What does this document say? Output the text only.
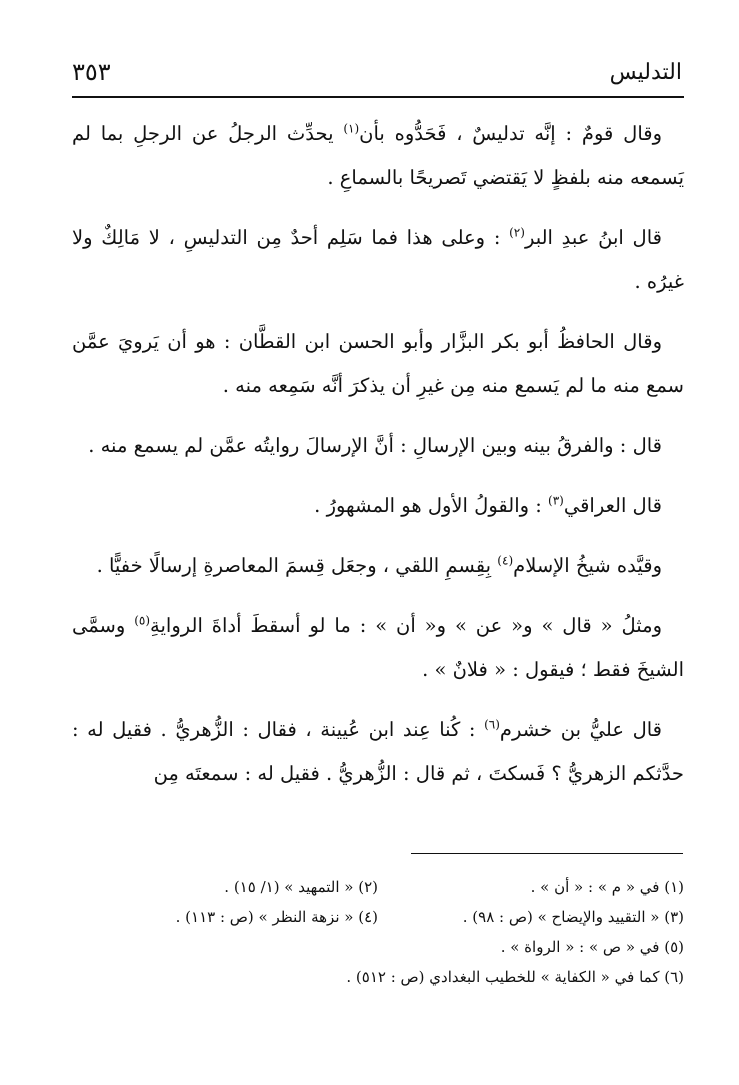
التدليس
٣٥٣

وقال قومٌ : إنَّه تدليسٌ ، فَحَدُّوه بأن$^{(١)}$ يحدِّث الرجلُ عن الرجلِ بما لم يَسمعه منه بلفظٍ لا يَقتضي تَصريحًا بالسماعِ .

قال ابنُ عبدِ البر$^{(٢)}$ : وعلى هذا فما سَلِم أحدٌ مِن التدليسِ ، لا مَالِكٌ ولا غيرُه .

وقال الحافظُ أبو بكر البزَّار وأبو الحسن ابن القطَّان : هو أن يَرويَ عمَّن سمع منه ما لم يَسمع منه مِن غيرِ أن يذكرَ أنَّه سَمِعه منه .

قال : والفرقُ بينه وبين الإرسالِ : أنَّ الإرسالَ روايتُه عمَّن لم يسمع منه .

قال العراقي$^{(٣)}$ : والقولُ الأول هو المشهورُ .

وقيَّده شيخُ الإسلام$^{(٤)}$ بِقِسمِ اللقي ، وجعَل قِسمَ المعاصرةِ إرسالًا خفيًّا .

ومثلُ « قال » و« عن » و« أن » : ما لو أسقطَ أداةَ الروايةِ$^{(٥)}$ وسمَّى الشيخَ فقط ؛ فيقول : « فلانٌ » .

قال عليُّ بن خشرم$^{(٦)}$ : كُنا عِند ابن عُيينة ، فقال : الزُّهريُّ . فقيل له : حدَّثكم الزهريُّ ؟ فَسكتَ ، ثم قال : الزُّهريُّ . فقيل له : سمعتَه مِن

(١) في « م » : « أن » .
(٢) « التمهيد » (١/ ١٥) .
(٣) « التقييد والإيضاح » (ص : ٩٨) .
(٤) « نزهة النظر » (ص : ١١٣) .
(٥) في « ص » : « الرواة » .
(٦) كما في « الكفاية » للخطيب البغدادي (ص : ٥١٢) .
